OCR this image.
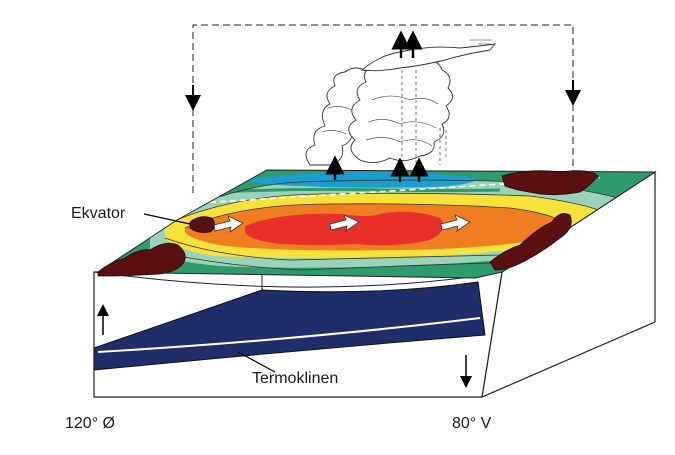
Ekvator
Termoklinen
120° Ø	80° V
